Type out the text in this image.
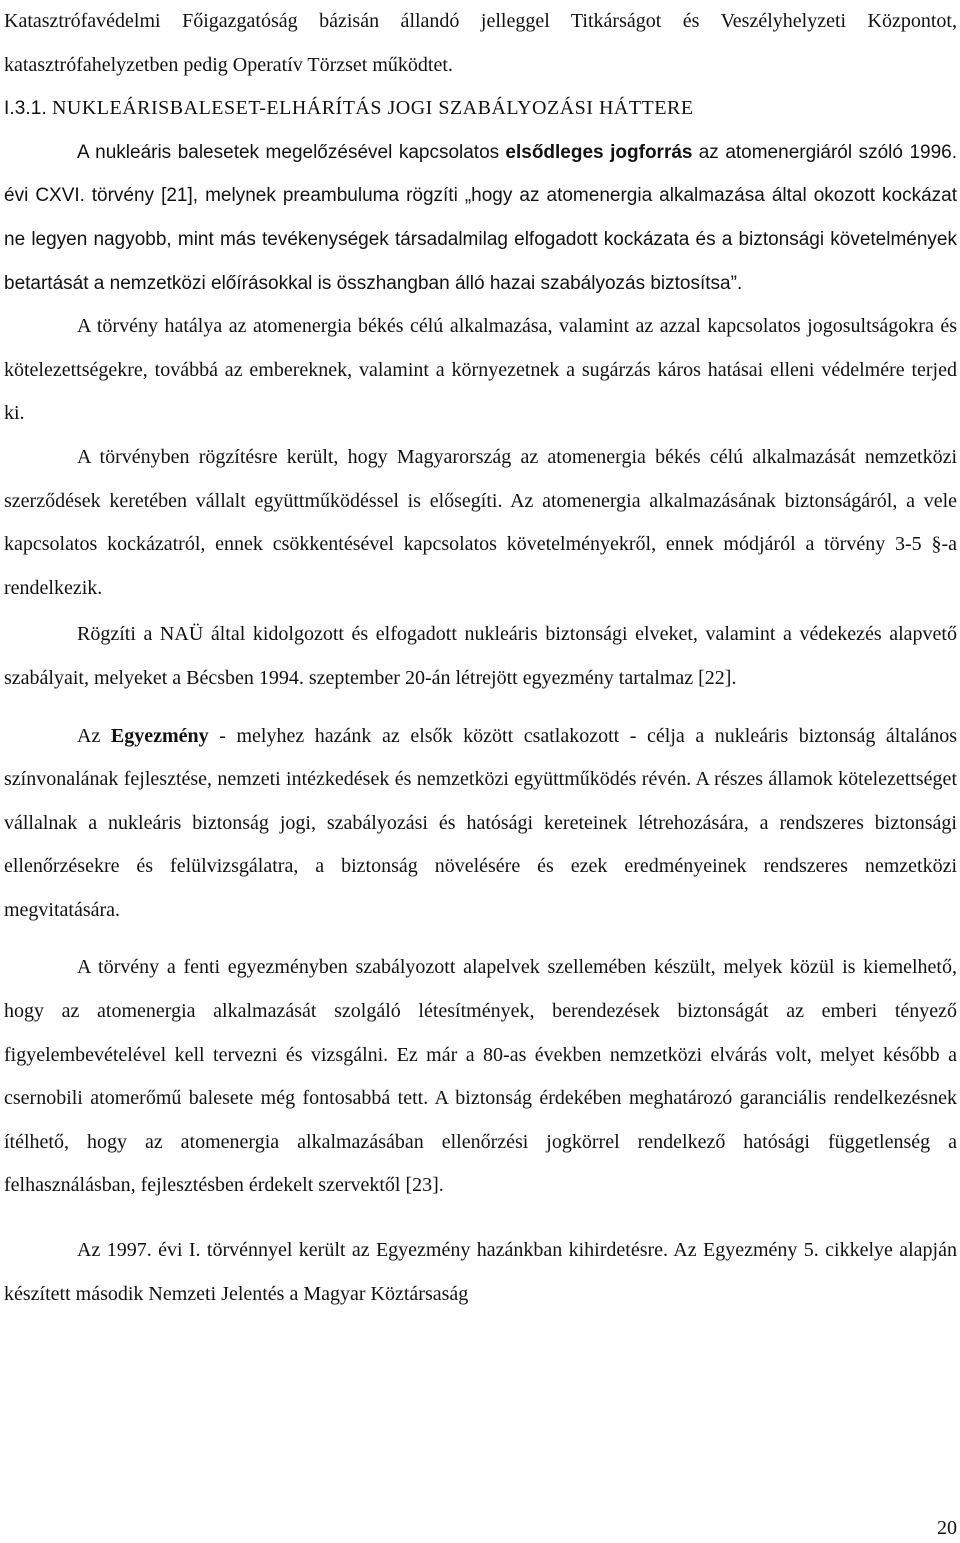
Katasztrófavédelmi Főigazgatóság bázisán állandó jelleggel Titkárságot és Veszélyhelyzeti Központot, katasztrófahelyzetben pedig Operatív Törzset működtet.

I.3.1. NUKLEÁRISBALESET-ELHÁRÍTÁS JOGI SZABÁLYOZÁSI HÁTTERE

A nukleáris balesetek megelőzésével kapcsolatos elsődleges jogforrás az atomenergiáról szóló 1996. évi CXVI. törvény [21], melynek preambuluma rögzíti „hogy az atomenergia alkalmazása által okozott kockázat ne legyen nagyobb, mint más tevékenységek társadalmilag elfogadott kockázata és a biztonsági követelmények betartását a nemzetközi előírásokkal is összhangban álló hazai szabályozás biztosítsa”.

A törvény hatálya az atomenergia békés célú alkalmazása, valamint az azzal kapcsolatos jogosultságokra és kötelezettségekre, továbbá az embereknek, valamint a környezetnek a sugárzás káros hatásai elleni védelmére terjed ki.

A törvényben rögzítésre került, hogy Magyarország az atomenergia békés célú alkalmazását nemzetközi szerződések keretében vállalt együttműködéssel is elősegíti. Az atomenergia alkalmazásának biztonságáról, a vele kapcsolatos kockázatról, ennek csökkentésével kapcsolatos követelményekről, ennek módjáról a törvény 3-5 §-a rendelkezik.

Rögzíti a NAÜ által kidolgozott és elfogadott nukleáris biztonsági elveket, valamint a védekezés alapvető szabályait, melyeket a Bécsben 1994. szeptember 20-án létrejött egyezmény tartalmaz [22].

Az Egyezmény - melyhez hazánk az elsők között csatlakozott - célja a nukleáris biztonság általános színvonalának fejlesztése, nemzeti intézkedések és nemzetközi együttműködés révén. A részes államok kötelezettséget vállalnak a nukleáris biztonság jogi, szabályozási és hatósági kereteinek létrehozására, a rendszeres biztonsági ellenőrzésekre és felülvizsgálatra, a biztonság növelésére és ezek eredményeinek rendszeres nemzetközi megvitatására.

A törvény a fenti egyezményben szabályozott alapelvek szellemében készült, melyek közül is kiemelhető, hogy az atomenergia alkalmazását szolgáló létesítmények, berendezések biztonságát az emberi tényező figyelembevételével kell tervezni és vizsgálni. Ez már a 80-as években nemzetközi elvárás volt, melyet később a csernobili atomerőmű balesete még fontosabbá tett. A biztonság érdekében meghatározó garanciális rendelkezésnek ítélhető, hogy az atomenergia alkalmazásában ellenőrzési jogkörrel rendelkező hatósági függetlenség a felhasználásban, fejlesztésben érdekelt szervektől [23].

Az 1997. évi I. törvénnyel került az Egyezmény hazánkban kihirdetésre. Az Egyezmény 5. cikkelye alapján készített második Nemzeti Jelentés a Magyar Köztársaság

20
